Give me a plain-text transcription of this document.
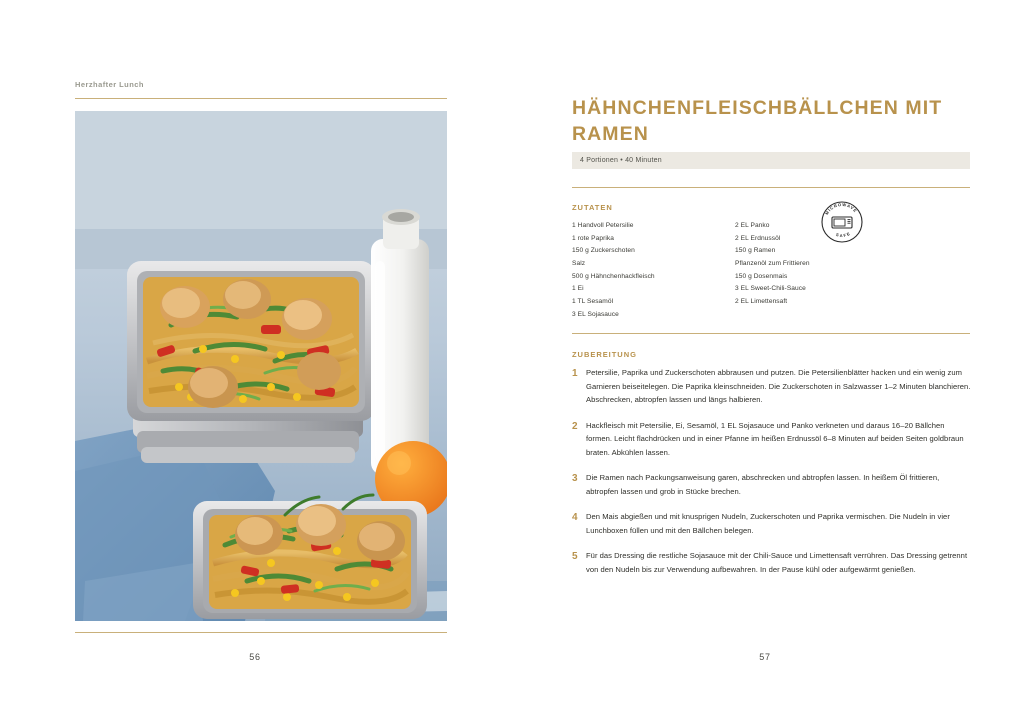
Herzhafter Lunch
56
HÄHNCHENFLEISCHBÄLLCHEN MIT RAMEN
4 Portionen • 40 Minuten
ZUTATEN
1 Handvoll Petersilie
1 rote Paprika
150 g Zuckerschoten
Salz
500 g Hähnchenhackfleisch
1 Ei
1 TL Sesamöl
3 EL Sojasauce
2 EL Panko
2 EL Erdnussöl
150 g Ramen
Pflanzenöl zum Frittieren
150 g Dosenmais
3 EL Sweet-Chili-Sauce
2 EL Limettensaft
MICROWAVE
SAFE
ZUBEREITUNG
1	Petersilie, Paprika und Zuckerschoten abbrausen und putzen. Die Petersilienblätter hacken und ein wenig zum Garnieren beiseitelegen. Die Paprika kleinschneiden. Die Zuckerschoten in Salzwasser 1–2 Minuten blanchieren. Abschrecken, abtropfen lassen und längs halbieren.
2	Hackfleisch mit Petersilie, Ei, Sesamöl, 1 EL Sojasauce und Panko verkneten und daraus 16–20 Bällchen formen. Leicht flachdrücken und in einer Pfanne im heißen Erdnussöl 6–8 Minuten auf beiden Seiten goldbraun braten. Abkühlen lassen.
3	Die Ramen nach Packungsanweisung garen, abschrecken und abtropfen lassen. In heißem Öl frittieren, abtropfen lassen und grob in Stücke brechen.
4	Den Mais abgießen und mit knusprigen Nudeln, Zuckerschoten und Paprika vermischen. Die Nudeln in vier Lunchboxen füllen und mit den Bällchen belegen.
5	Für das Dressing die restliche Sojasauce mit der Chili-Sauce und Limettensaft verrühren. Das Dressing getrennt von den Nudeln bis zur Verwendung aufbewahren. In der Pause kühl oder aufgewärmt genießen.
57
